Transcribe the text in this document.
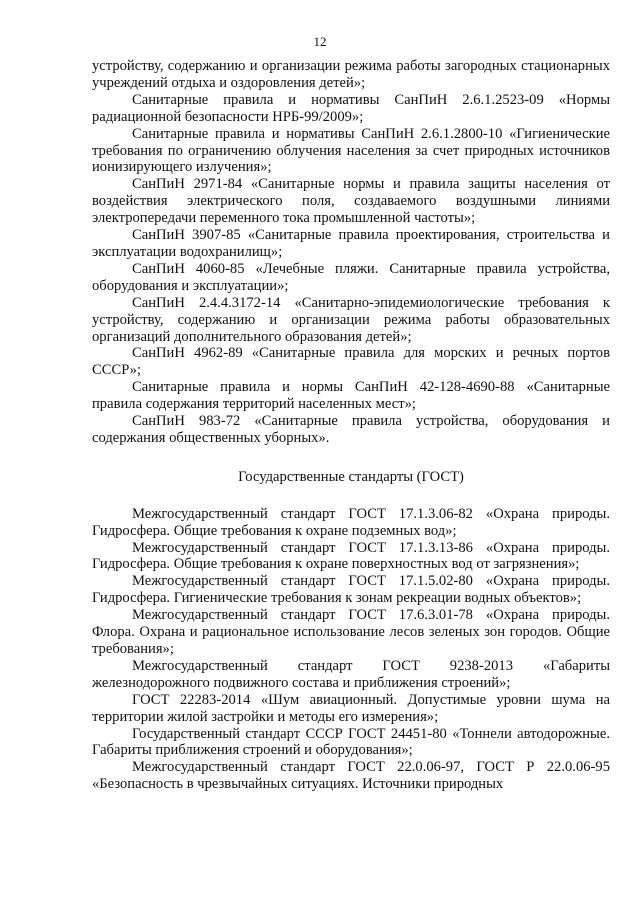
12

устройству, содержанию и организации режима работы загородных стационарных учреждений отдыха и оздоровления детей»;

Санитарные правила и нормативы СанПиН 2.6.1.2523-09 «Нормы радиационной безопасности НРБ-99/2009»;

Санитарные правила и нормативы СанПиН 2.6.1.2800-10 «Гигиенические требования по ограничению облучения населения за счет природных источников ионизирующего излучения»;

СанПиН 2971-84 «Санитарные нормы и правила защиты населения от воздействия электрического поля, создаваемого воздушными линиями электропередачи переменного тока промышленной частоты»;

СанПиН 3907-85 «Санитарные правила проектирования, строительства и эксплуатации водохранилищ»;

СанПиН 4060-85 «Лечебные пляжи. Санитарные правила устройства, оборудования и эксплуатации»;

СанПиН 2.4.4.3172-14 «Санитарно-эпидемиологические требования к устройству, содержанию и организации режима работы образовательных организаций дополнительного образования детей»;

СанПиН 4962-89 «Санитарные правила для морских и речных портов СССР»;

Санитарные правила и нормы СанПиН 42-128-4690-88 «Санитарные правила содержания территорий населенных мест»;

СанПиН 983-72 «Санитарные правила устройства, оборудования и содержания общественных уборных».

Государственные стандарты (ГОСТ)

Межгосударственный стандарт ГОСТ 17.1.3.06-82 «Охрана природы. Гидросфера. Общие требования к охране подземных вод»;

Межгосударственный стандарт ГОСТ 17.1.3.13-86 «Охрана природы. Гидросфера. Общие требования к охране поверхностных вод от загрязнения»;

Межгосударственный стандарт ГОСТ 17.1.5.02-80 «Охрана природы. Гидросфера. Гигиенические требования к зонам рекреации водных объектов»;

Межгосударственный стандарт ГОСТ 17.6.3.01-78 «Охрана природы. Флора. Охрана и рациональное использование лесов зеленых зон городов. Общие требования»;

Межгосударственный стандарт ГОСТ 9238-2013 «Габариты железнодорожного подвижного состава и приближения строений»;

ГОСТ 22283-2014 «Шум авиационный. Допустимые уровни шума на территории жилой застройки и методы его измерения»;

Государственный стандарт СССР ГОСТ 24451-80 «Тоннели автодорожные. Габариты приближения строений и оборудования»;

Межгосударственный стандарт ГОСТ 22.0.06-97, ГОСТ Р 22.0.06-95 «Безопасность в чрезвычайных ситуациях. Источники природных
